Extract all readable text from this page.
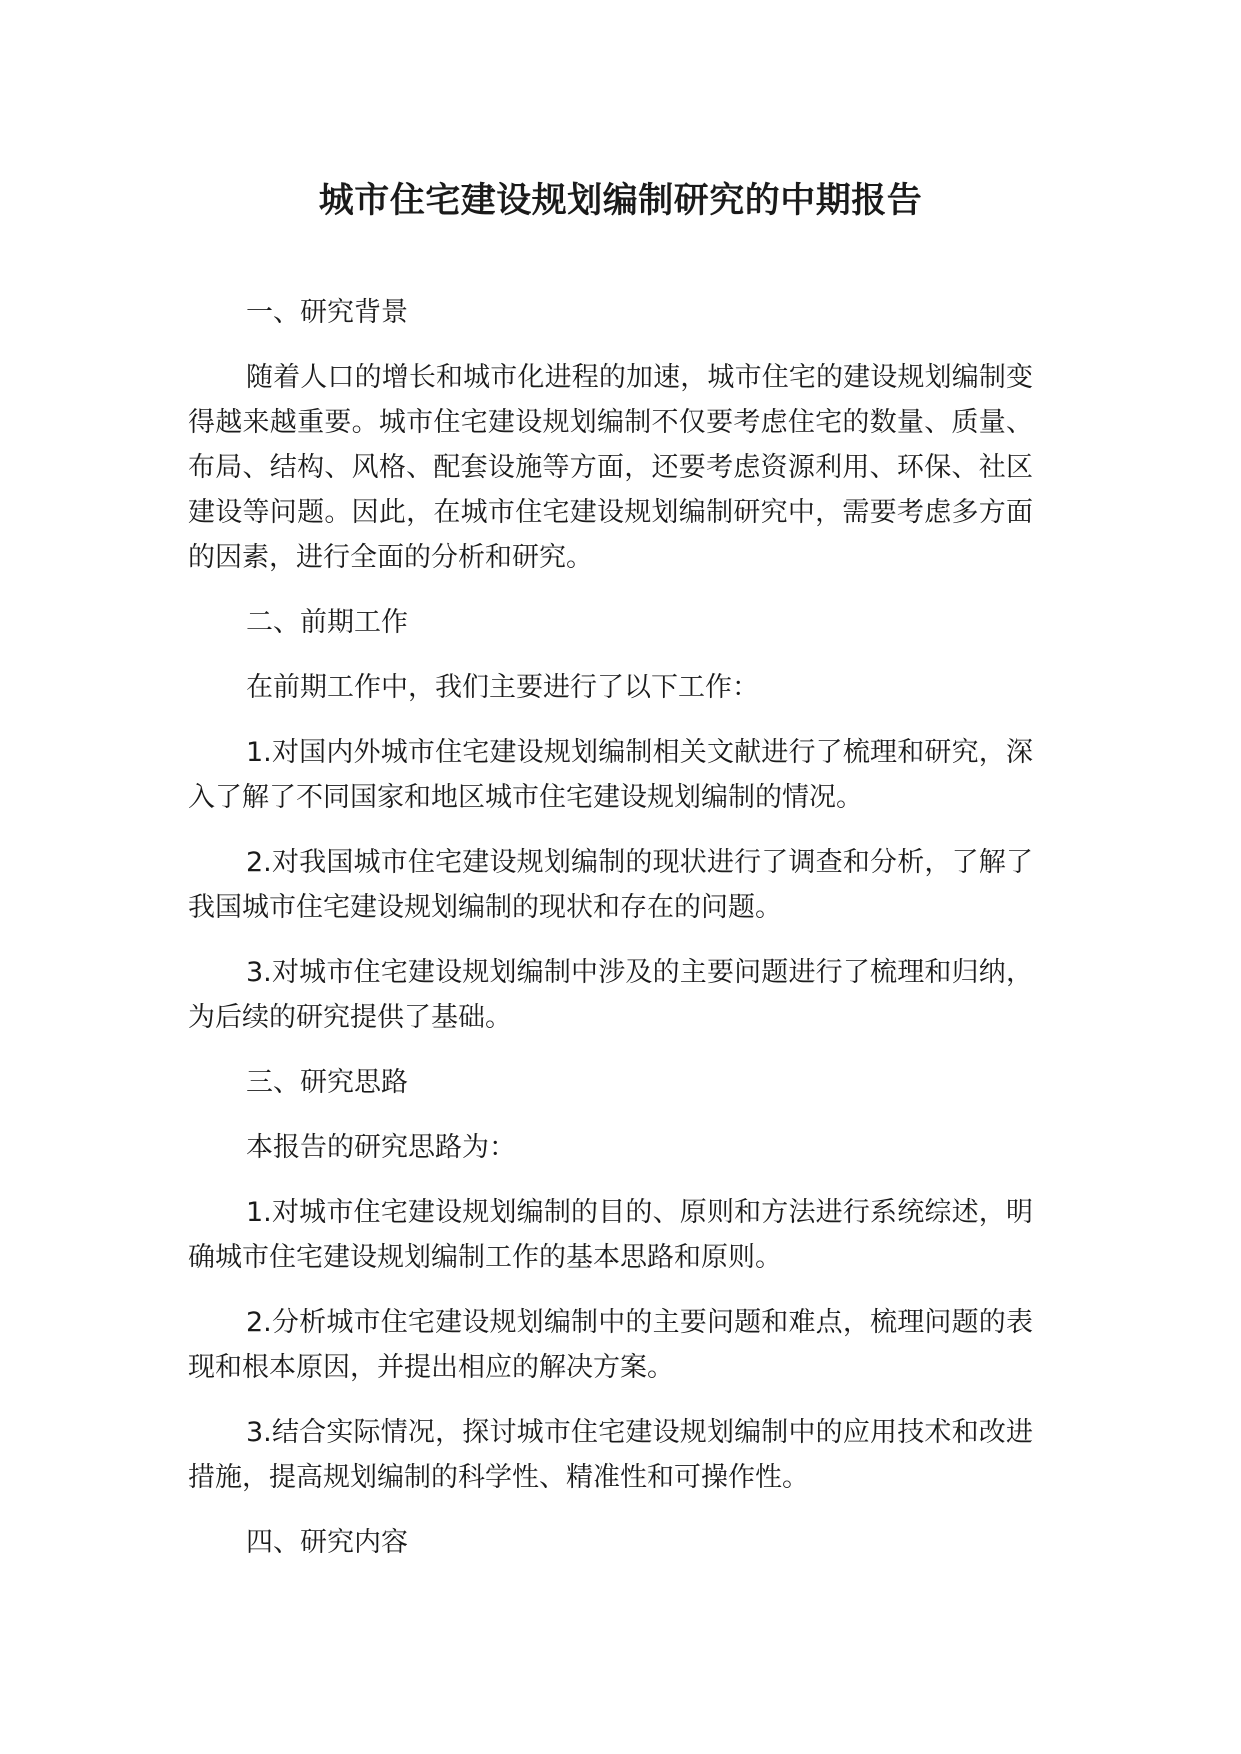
城市住宅建设规划编制研究的中期报告

一、研究背景

随着人口的增长和城市化进程的加速，城市住宅的建设规划编制变得越来越重要。城市住宅建设规划编制不仅要考虑住宅的数量、质量、布局、结构、风格、配套设施等方面，还要考虑资源利用、环保、社区建设等问题。因此，在城市住宅建设规划编制研究中，需要考虑多方面的因素，进行全面的分析和研究。

二、前期工作

在前期工作中，我们主要进行了以下工作：

1.对国内外城市住宅建设规划编制相关文献进行了梳理和研究，深入了解了不同国家和地区城市住宅建设规划编制的情况。

2.对我国城市住宅建设规划编制的现状进行了调查和分析，了解了我国城市住宅建设规划编制的现状和存在的问题。

3.对城市住宅建设规划编制中涉及的主要问题进行了梳理和归纳，为后续的研究提供了基础。

三、研究思路

本报告的研究思路为：

1.对城市住宅建设规划编制的目的、原则和方法进行系统综述，明确城市住宅建设规划编制工作的基本思路和原则。

2.分析城市住宅建设规划编制中的主要问题和难点，梳理问题的表现和根本原因，并提出相应的解决方案。

3.结合实际情况，探讨城市住宅建设规划编制中的应用技术和改进措施，提高规划编制的科学性、精准性和可操作性。

四、研究内容
